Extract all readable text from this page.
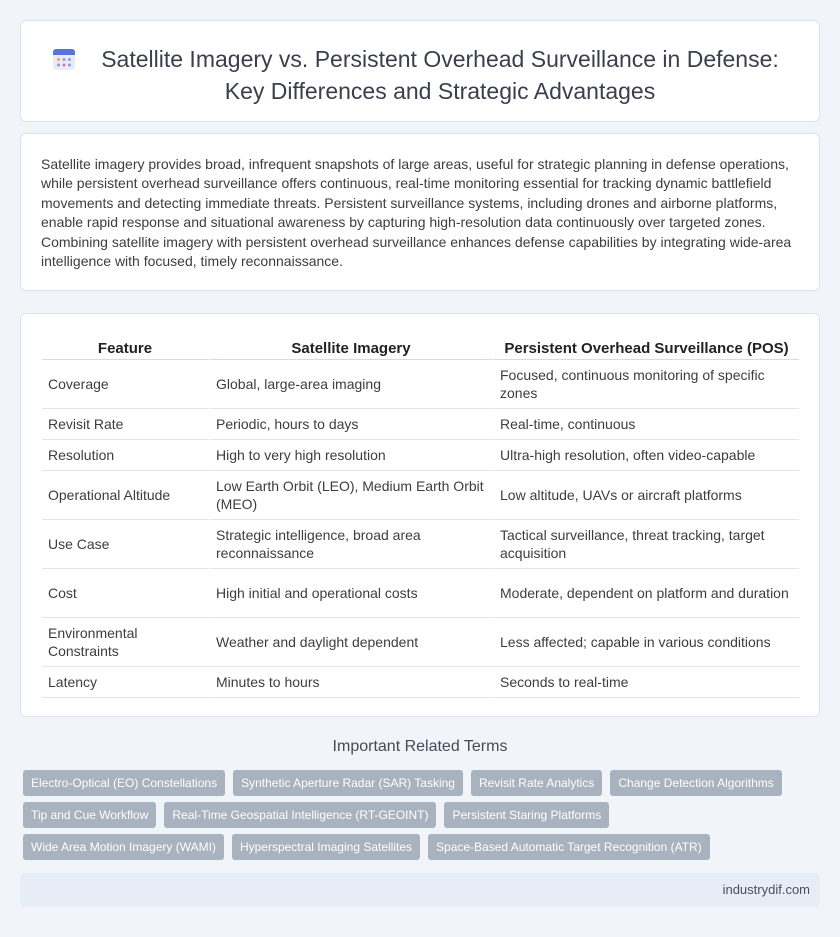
Satellite Imagery vs. Persistent Overhead Surveillance in Defense: Key Differences and Strategic Advantages

Satellite imagery provides broad, infrequent snapshots of large areas, useful for strategic planning in defense operations, while persistent overhead surveillance offers continuous, real-time monitoring essential for tracking dynamic battlefield movements and detecting immediate threats. Persistent surveillance systems, including drones and airborne platforms, enable rapid response and situational awareness by capturing high-resolution data continuously over targeted zones. Combining satellite imagery with persistent overhead surveillance enhances defense capabilities by integrating wide-area intelligence with focused, timely reconnaissance.

Feature	Satellite Imagery	Persistent Overhead Surveillance (POS)
Coverage	Global, large-area imaging	Focused, continuous monitoring of specific zones
Revisit Rate	Periodic, hours to days	Real-time, continuous
Resolution	High to very high resolution	Ultra-high resolution, often video-capable
Operational Altitude	Low Earth Orbit (LEO), Medium Earth Orbit (MEO)	Low altitude, UAVs or aircraft platforms
Use Case	Strategic intelligence, broad area reconnaissance	Tactical surveillance, threat tracking, target acquisition
Cost	High initial and operational costs	Moderate, dependent on platform and duration
Environmental Constraints	Weather and daylight dependent	Less affected; capable in various conditions
Latency	Minutes to hours	Seconds to real-time
Important Related Terms
Electro-Optical (EO) Constellations	Synthetic Aperture Radar (SAR) Tasking	Revisit Rate Analytics	Change Detection Algorithms
Tip and Cue Workflow	Real-Time Geospatial Intelligence (RT-GEOINT)	Persistent Staring Platforms
Wide Area Motion Imagery (WAMI)	Hyperspectral Imaging Satellites	Space-Based Automatic Target Recognition (ATR)
industrydif.com
